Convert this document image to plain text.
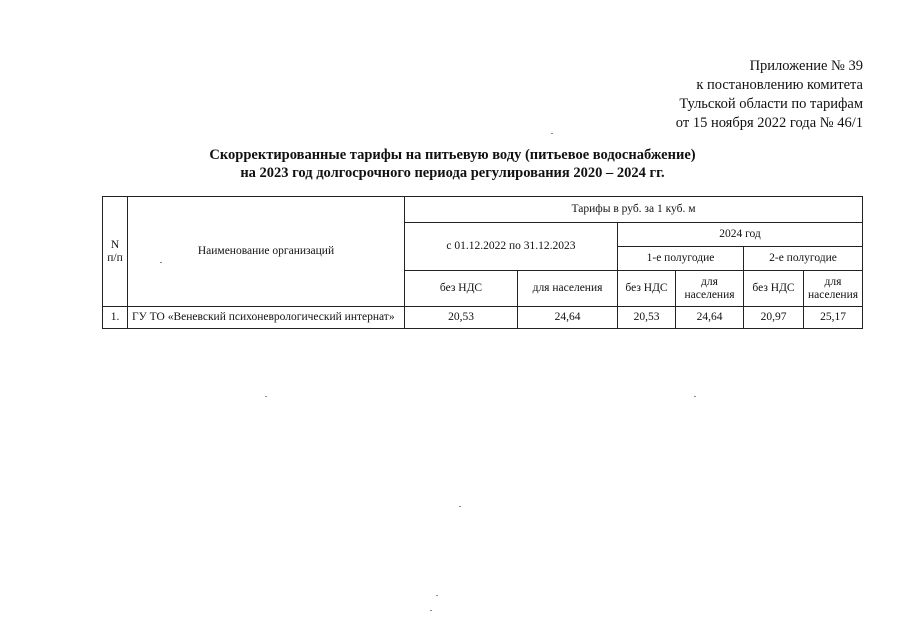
Приложение № 39
к постановлению комитета
Тульской области по тарифам
от 15 ноября 2022 года № 46/1
Скорректированные тарифы на питьевую воду (питьевое водоснабжение)
на 2023 год долгосрочного периода регулирования 2020 – 2024 гг.
N п/п	Наименование организаций	Тарифы в руб. за 1 куб. м					
		с 01.12.2022 по 31.12.2023		2024 год			
				1-е полугодие		2-е полугодие	
		без НДС	для населения	без НДС	для населения	без НДС	для населения
1.	ГУ ТО «Веневский психоневрологический интернат»	20,53	24,64	20,53	24,64	20,97	25,17
